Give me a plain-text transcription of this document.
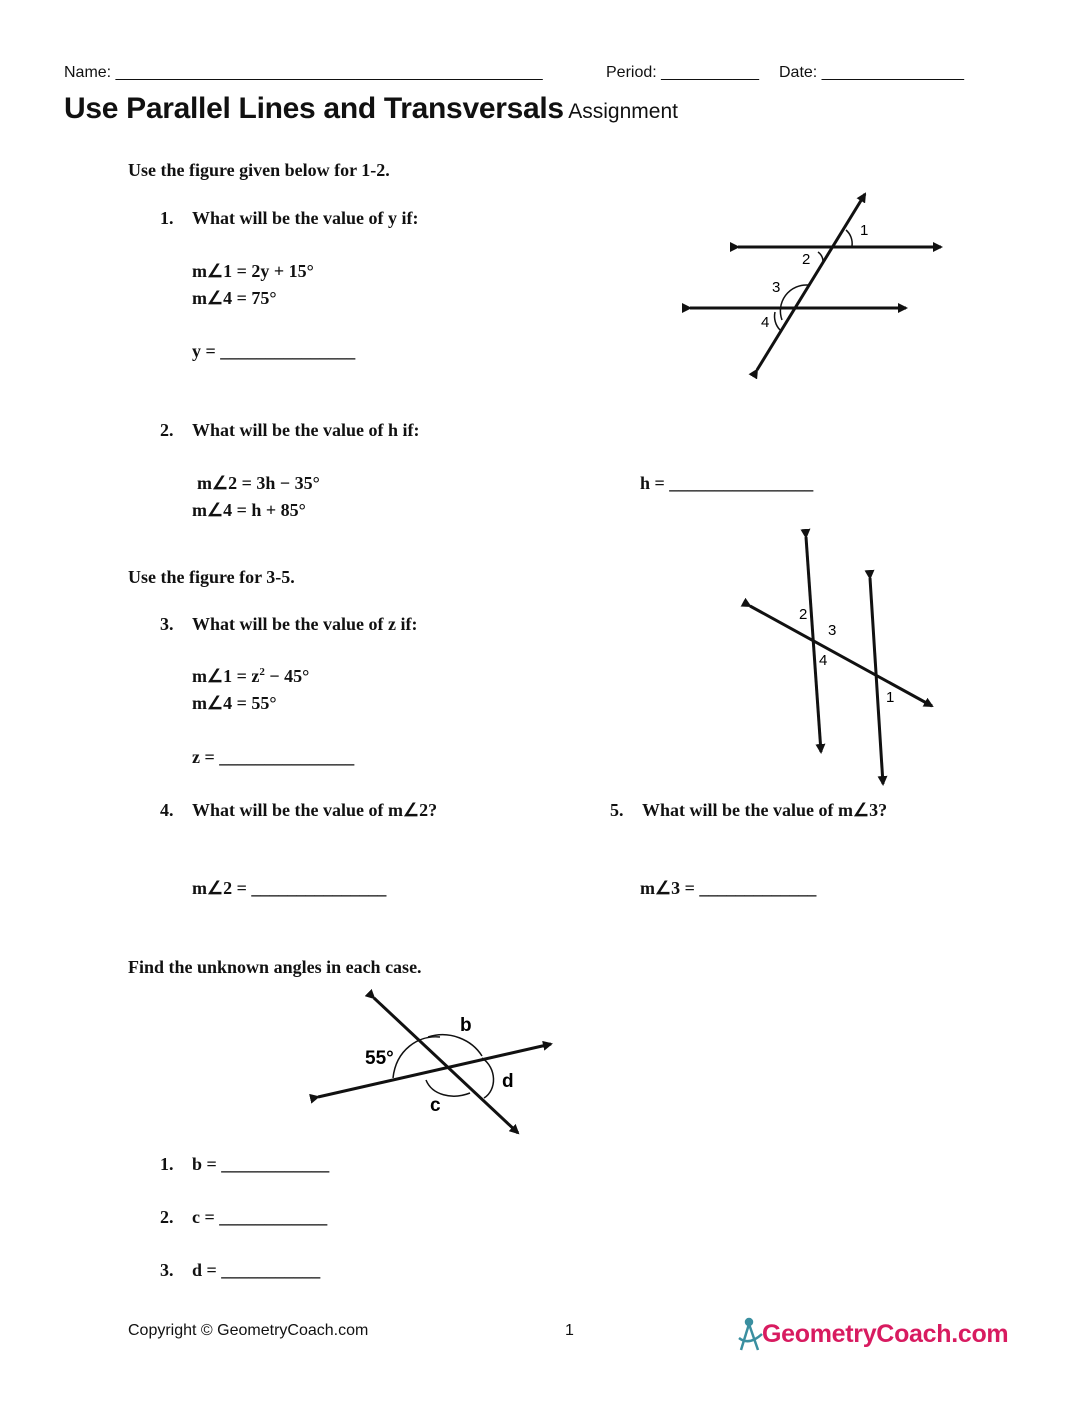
Name: ________________________________________________	Period: ___________ Date: ________________
Use Parallel Lines and Transversals Assignment
Use the figure given below for 1-2.
1. What will be the value of y if:
m∠1 = 2y + 15°
m∠4 = 75°
y = _______________
2. What will be the value of h if:
m∠2 = 3h − 35°
m∠4 = h + 85°
h = ________________
1
2
3
4
2
3
4
1
55°
b
d
c
Use the figure for 3-5.
3. What will be the value of z if:
m∠1 = $z^2 - 45^\circ$
m∠4 = 55°
z = _______________
4. What will be the value of m∠2?
m∠2 = _______________
5. What will be the value of m∠3?
m∠3 = _____________
Find the unknown angles in each case.
1. b = ____________
2. c = ____________
3. d = ___________
Copyright © GeometryCoach.com	1	GeometryCoach.com
